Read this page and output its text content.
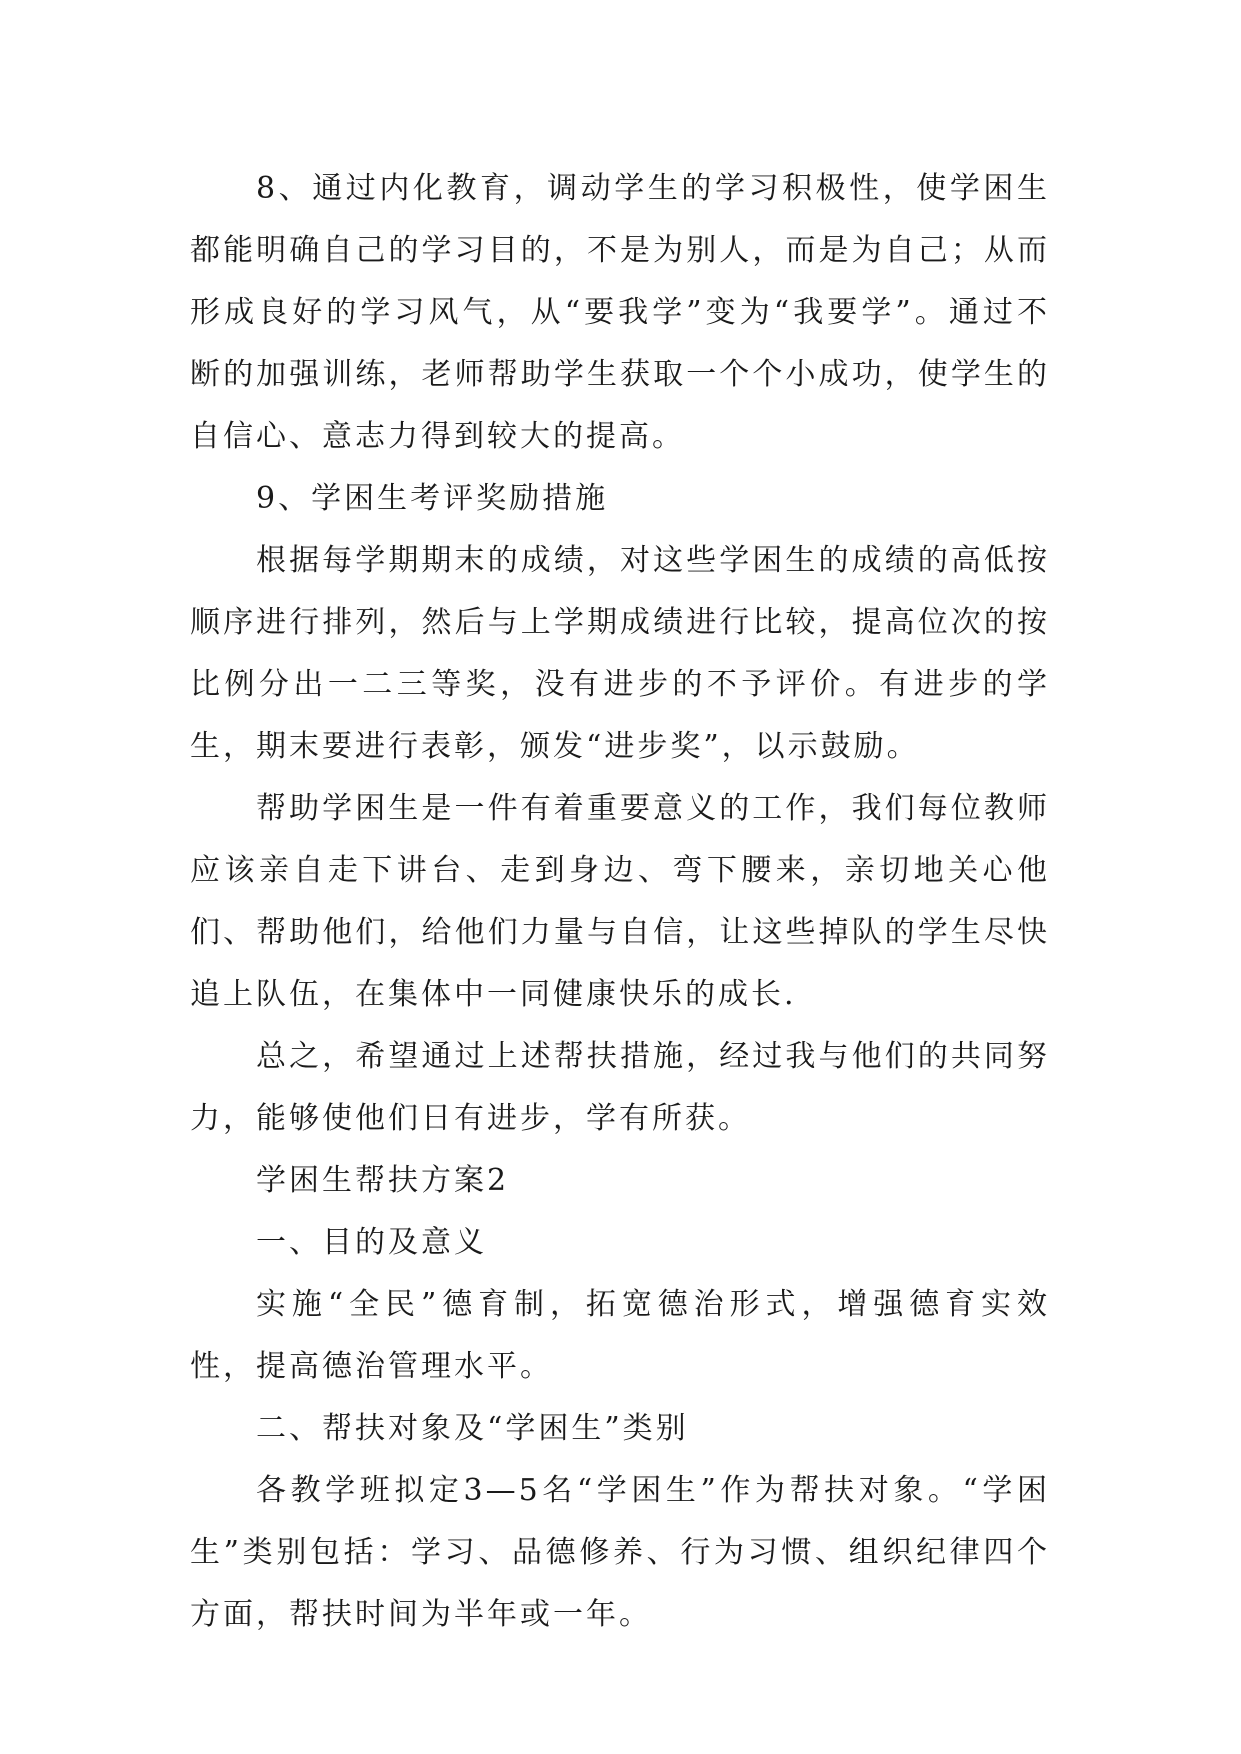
8、通过内化教育，调动学生的学习积极性，使学困生都能明确自己的学习目的，不是为别人，而是为自己；从而形成良好的学习风气，从“要我学”变为“我要学”。通过不断的加强训练，老师帮助学生获取一个个小成功，使学生的自信心、意志力得到较大的提高。

9、学困生考评奖励措施

根据每学期期末的成绩，对这些学困生的成绩的高低按顺序进行排列，然后与上学期成绩进行比较，提高位次的按比例分出一二三等奖，没有进步的不予评价。有进步的学生，期末要进行表彰，颁发“进步奖”，以示鼓励。

帮助学困生是一件有着重要意义的工作，我们每位教师应该亲自走下讲台、走到身边、弯下腰来，亲切地关心他们、帮助他们，给他们力量与自信，让这些掉队的学生尽快追上队伍，在集体中一同健康快乐的成长.

总之，希望通过上述帮扶措施，经过我与他们的共同努力，能够使他们日有进步，学有所获。

学困生帮扶方案2

一、目的及意义

实施“全民”德育制，拓宽德治形式，增强德育实效性，提高德治管理水平。

二、帮扶对象及“学困生”类别

各教学班拟定3—5名“学困生”作为帮扶对象。“学困生”类别包括：学习、品德修养、行为习惯、组织纪律四个方面，帮扶时间为半年或一年。
